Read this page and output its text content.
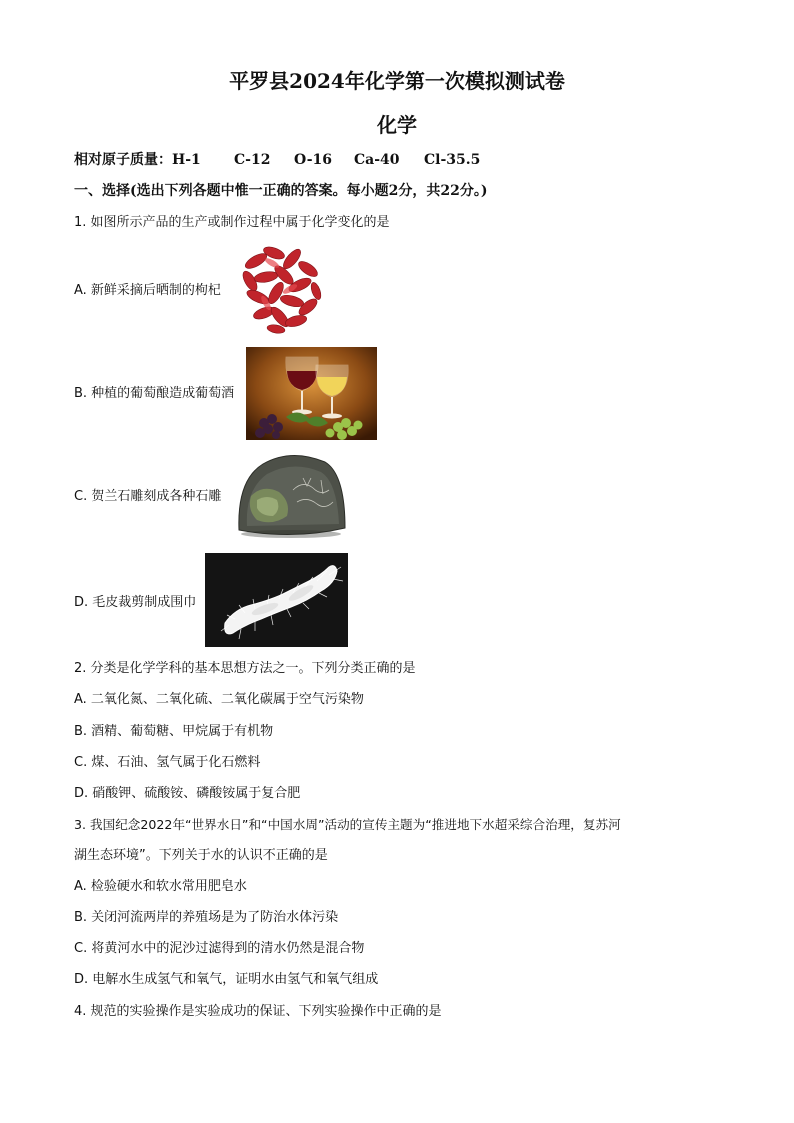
平罗县2024年化学第一次模拟测试卷
化学
相对原子质量：H-1 C-12 O-16 Ca-40 Cl-35.5
一、选择(选出下列各题中惟一正确的答案。每小题2分，共22分。)
1. 如图所示产品的生产或制作过程中属于化学变化的是
A. 新鲜采摘后晒制的枸杞
B. 种植的葡萄酿造成葡萄酒
C. 贺兰石雕刻成各种石雕
D. 毛皮裁剪制成围巾
2. 分类是化学学科的基本思想方法之一。下列分类正确的是
A. 二氧化氮、二氧化硫、二氧化碳属于空气污染物
B. 酒精、葡萄糖、甲烷属于有机物
C. 煤、石油、氢气属于化石燃料
D. 硝酸钾、硫酸铵、磷酸铵属于复合肥
3. 我国纪念2022年“世界水日”和“中国水周”活动的宣传主题为“推进地下水超采综合治理，复苏河
湖生态环境”。下列关于水的认识不正确的是
A. 检验硬水和软水常用肥皂水
B. 关闭河流两岸的养殖场是为了防治水体污染
C. 将黄河水中的泥沙过滤得到的清水仍然是混合物
D. 电解水生成氢气和氧气，证明水由氢气和氧气组成
4. 规范的实验操作是实验成功的保证、下列实验操作中正确的是
